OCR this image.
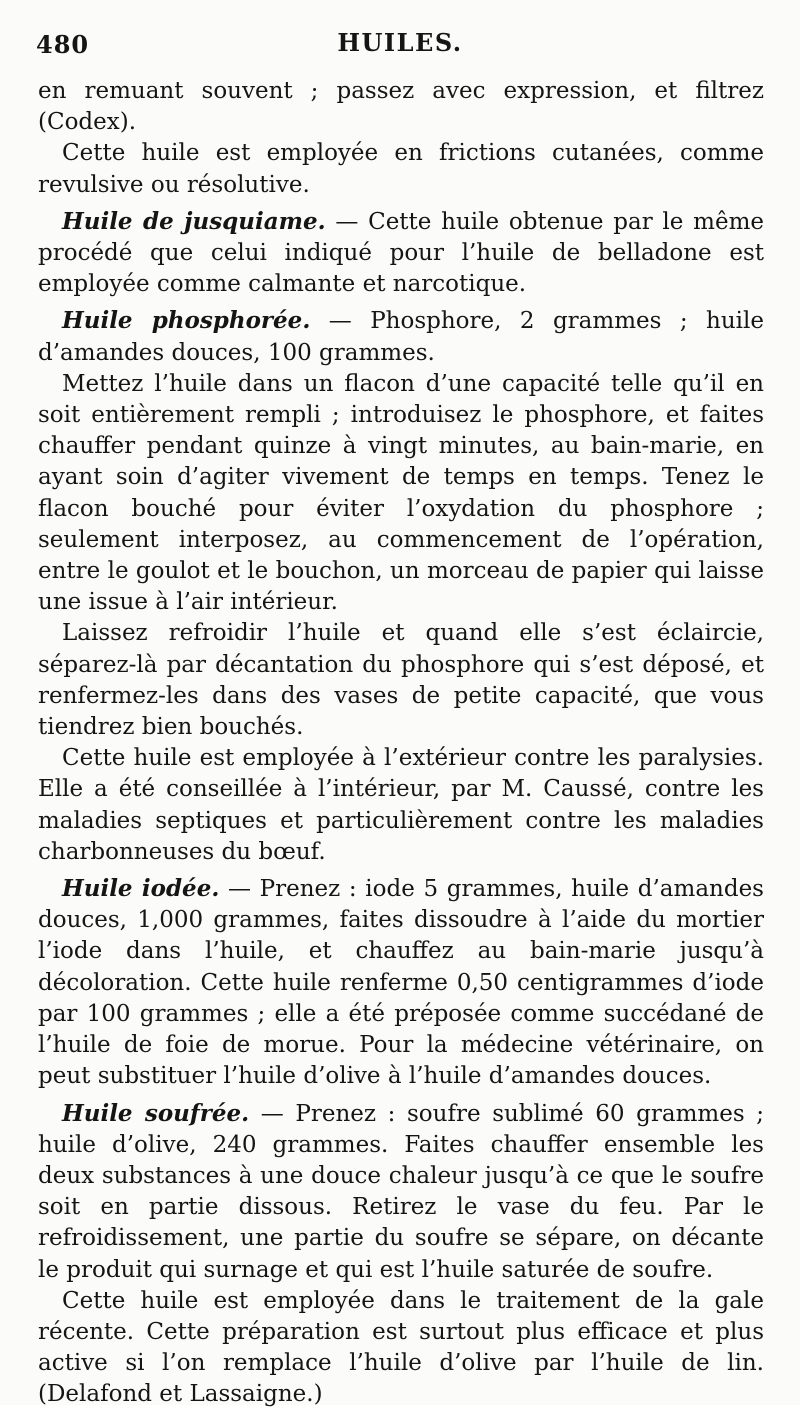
480	HUILES.

en remuant souvent ; passez avec expression, et filtrez (Codex).

Cette huile est employée en frictions cutanées, comme revulsive ou résolutive.

Huile de jusquiame. — Cette huile obtenue par le même procédé que celui indiqué pour l’huile de belladone est employée comme calmante et narcotique.

Huile phosphorée. — Phosphore, 2 grammes ; huile d’amandes douces, 100 grammes.

Mettez l’huile dans un flacon d’une capacité telle qu’il en soit entièrement rempli ; introduisez le phosphore, et faites chauffer pendant quinze à vingt minutes, au bain-marie, en ayant soin d’agiter vivement de temps en temps. Tenez le flacon bouché pour éviter l’oxydation du phosphore ; seulement interposez, au commencement de l’opération, entre le goulot et le bouchon, un morceau de papier qui laisse une issue à l’air intérieur.

Laissez refroidir l’huile et quand elle s’est éclaircie, séparez-là par décantation du phosphore qui s’est déposé, et renfermez-les dans des vases de petite capacité, que vous tiendrez bien bouchés.

Cette huile est employée à l’extérieur contre les paralysies. Elle a été conseillée à l’intérieur, par M. Caussé, contre les maladies septiques et particulièrement contre les maladies charbonneuses du bœuf.

Huile iodée. — Prenez : iode 5 grammes, huile d’amandes douces, 1,000 grammes, faites dissoudre à l’aide du mortier l’iode dans l’huile, et chauffez au bain-marie jusqu’à décoloration. Cette huile renferme 0,50 centigrammes d’iode par 100 grammes ; elle a été préposée comme succédané de l’huile de foie de morue. Pour la médecine vétérinaire, on peut substituer l’huile d’olive à l’huile d’amandes douces.

Huile soufrée. — Prenez : soufre sublimé 60 grammes ; huile d’olive, 240 grammes. Faites chauffer ensemble les deux substances à une douce chaleur jusqu’à ce que le soufre soit en partie dissous. Retirez le vase du feu. Par le refroidissement, une partie du soufre se sépare, on décante le produit qui surnage et qui est l’huile saturée de soufre.

Cette huile est employée dans le traitement de la gale récente. Cette préparation est surtout plus efficace et plus active si l’on remplace l’huile d’olive par l’huile de lin. (Delafond et Lassaigne.)
